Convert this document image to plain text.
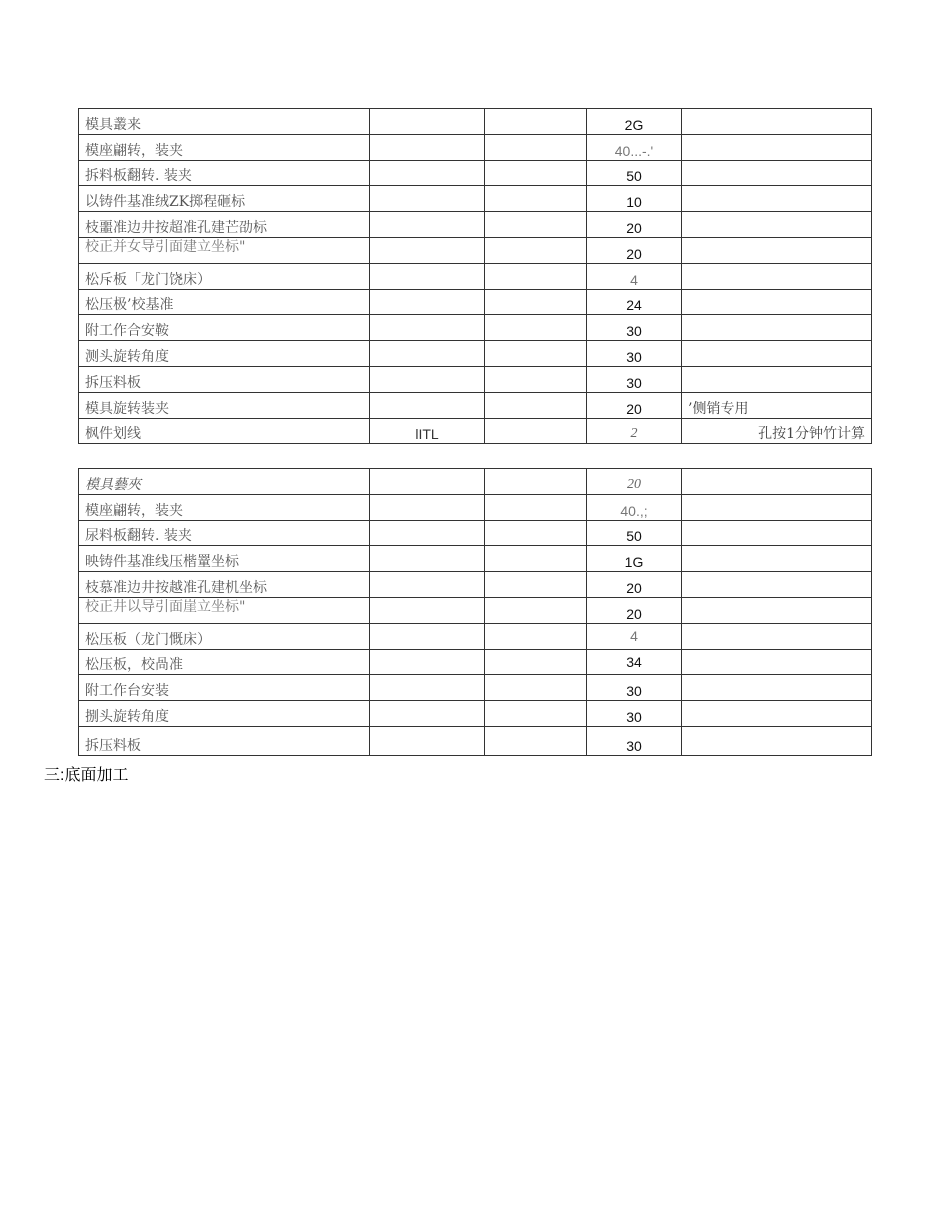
模具叢来			2G	
模座翩转，装夹			40...-.'	
拆料板翻转. 装夹			50	
以铸件基准绒ZK掷程砸标			10	
枝噩准边井按超准孔建芒劭标			20	
校正并女导引面建立坐标"			20	
松斥板「龙门饶床）			4	
松压极’校基准			24	
附工作合安鞍			30	
测头旋转角度			30	
拆压料板			30	
模具旋转装夹			20	’侧销专用
枫件划线	lITL		2	孔按1分钟竹计算
模具藝夾			20	
模座翩转，装夹			40.,;	
尿料板翻转. 装夹			50	
映铸件基准线压楷罿坐标			1G	
枝慕准边井按越准孔建机坐标			20	
校正井以导引面崖立坐标"			20	
松压板（龙门慨床）			4	
松压板，校咼准			34	
附工作台安装			30	
捌头旋转角度			30	
拆压料板			30	
三:底面加工
